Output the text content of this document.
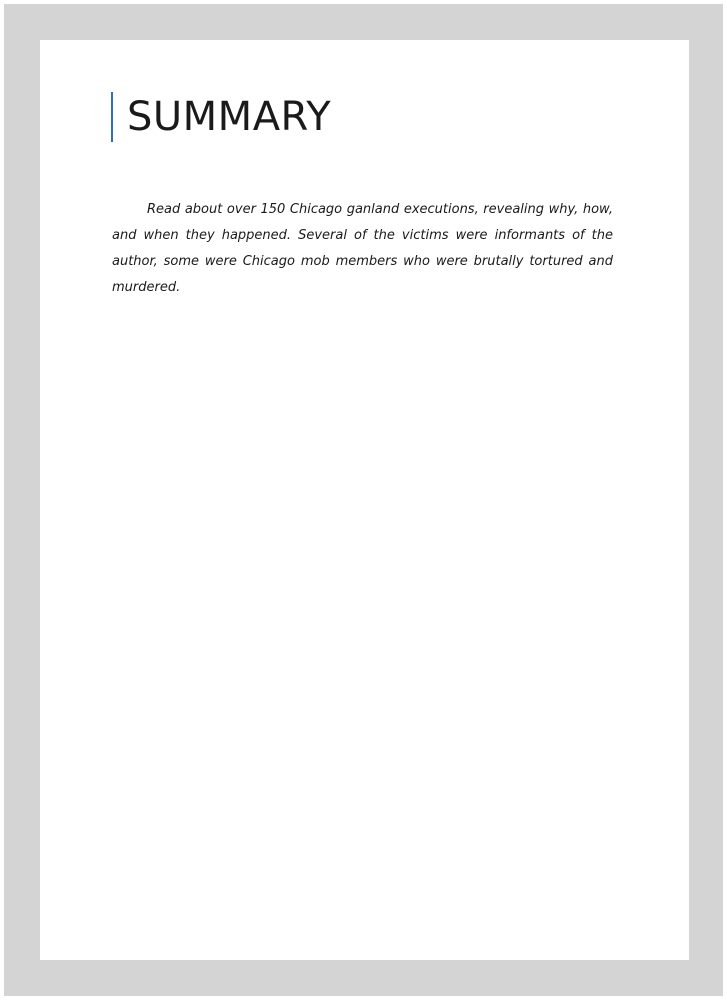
SUMMARY

Read about over 150 Chicago ganland executions, revealing why, how, and when they happened. Several of the victims were informants of the author, some were Chicago mob members who were brutally tortured and murdered.
